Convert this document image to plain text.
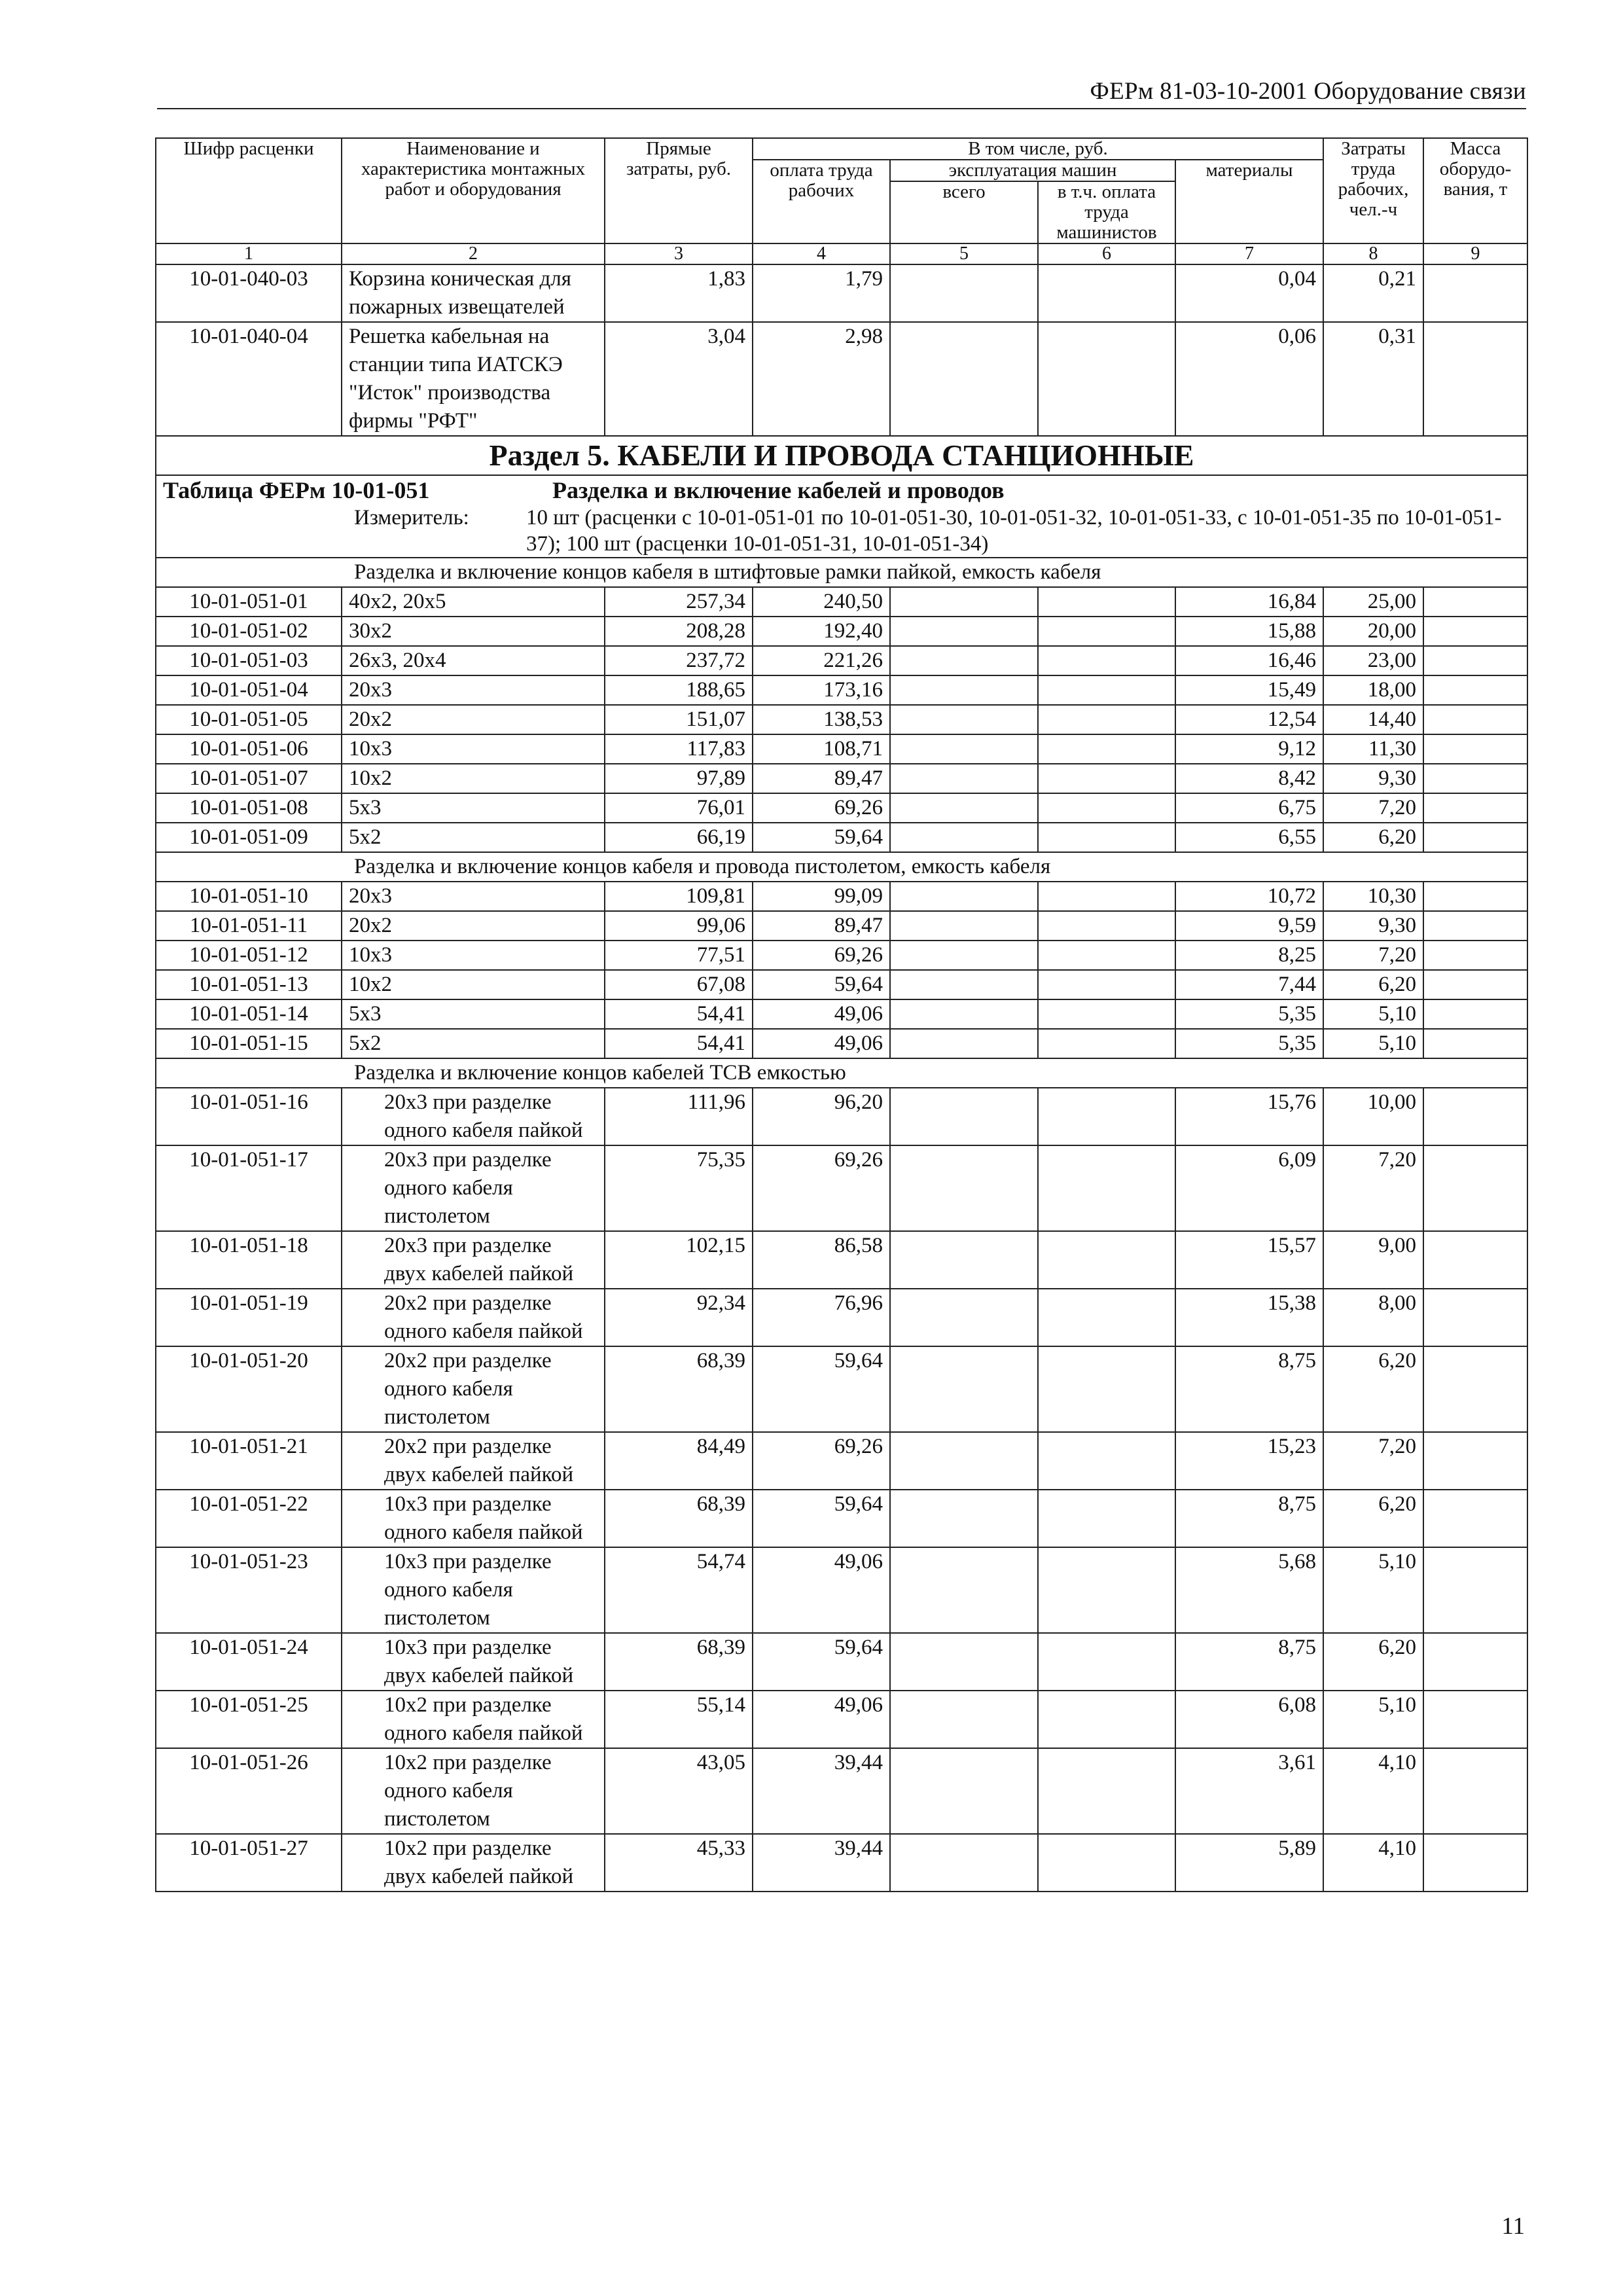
ФЕРм 81-03-10-2001 Оборудование связи
Шифр расценки	Наименование и характеристика монтажных работ и оборудования	Прямые затраты, руб.	В том числе, руб.				Затраты труда рабочих, чел.-ч	Масса оборудо-вания, т
			оплата труда рабочих	эксплуатация машин		материалы		
				всего	в т.ч. оплата труда машинистов			
1	2	3	4	5	6	7	8	9
10-01-040-03	Корзина коническая для пожарных извещателей	1,83	1,79			0,04	0,21	
10-01-040-04	Решетка кабельная на станции типа ИАТСКЭ "Исток" производства фирмы "РФТ"	3,04	2,98			0,06	0,31	
Раздел 5. КАБЕЛИ И ПРОВОДА СТАНЦИОННЫЕ								

Таблица ФЕРм 10-01-051 Разделка и включение кабелей и проводов
Измеритель: 10 шт (расценки с 10-01-051-01 по 10-01-051-30, 10-01-051-32, 10-01-051-33, с 10-01-051-35 по 10-01-051-37); 100 шт (расценки 10-01-051-31, 10-01-051-34)								

Разделка и включение концов кабеля в штифтовые рамки пайкой, емкость кабеля								
10-01-051-01	40x2, 20x5	257,34	240,50			16,84	25,00	
10-01-051-02	30x2	208,28	192,40			15,88	20,00	
10-01-051-03	26x3, 20x4	237,72	221,26			16,46	23,00	
10-01-051-04	20x3	188,65	173,16			15,49	18,00	
10-01-051-05	20x2	151,07	138,53			12,54	14,40	
10-01-051-06	10x3	117,83	108,71			9,12	11,30	
10-01-051-07	10x2	97,89	89,47			8,42	9,30	
10-01-051-08	5x3	76,01	69,26			6,75	7,20	
10-01-051-09	5x2	66,19	59,64			6,55	6,20	
Разделка и включение концов кабеля и провода пистолетом, емкость кабеля								
10-01-051-10	20x3	109,81	99,09			10,72	10,30	
10-01-051-11	20x2	99,06	89,47			9,59	9,30	
10-01-051-12	10x3	77,51	69,26			8,25	7,20	
10-01-051-13	10x2	67,08	59,64			7,44	6,20	
10-01-051-14	5x3	54,41	49,06			5,35	5,10	
10-01-051-15	5x2	54,41	49,06			5,35	5,10	
Разделка и включение концов кабелей ТСВ емкостью								
10-01-051-16	20x3 при разделке одного кабеля пайкой	111,96	96,20			15,76	10,00	
10-01-051-17	20x3 при разделке одного кабеля пистолетом	75,35	69,26			6,09	7,20	
10-01-051-18	20x3 при разделке двух кабелей пайкой	102,15	86,58			15,57	9,00	
10-01-051-19	20x2 при разделке одного кабеля пайкой	92,34	76,96			15,38	8,00	
10-01-051-20	20x2 при разделке одного кабеля пистолетом	68,39	59,64			8,75	6,20	
10-01-051-21	20x2 при разделке двух кабелей пайкой	84,49	69,26			15,23	7,20	
10-01-051-22	10x3 при разделке одного кабеля пайкой	68,39	59,64			8,75	6,20	
10-01-051-23	10x3 при разделке одного кабеля пистолетом	54,74	49,06			5,68	5,10	
10-01-051-24	10x3 при разделке двух кабелей пайкой	68,39	59,64			8,75	6,20	
10-01-051-25	10x2 при разделке одного кабеля пайкой	55,14	49,06			6,08	5,10	
10-01-051-26	10x2 при разделке одного кабеля пистолетом	43,05	39,44			3,61	4,10	
10-01-051-27	10x2 при разделке двух кабелей пайкой	45,33	39,44			5,89	4,10	
11
